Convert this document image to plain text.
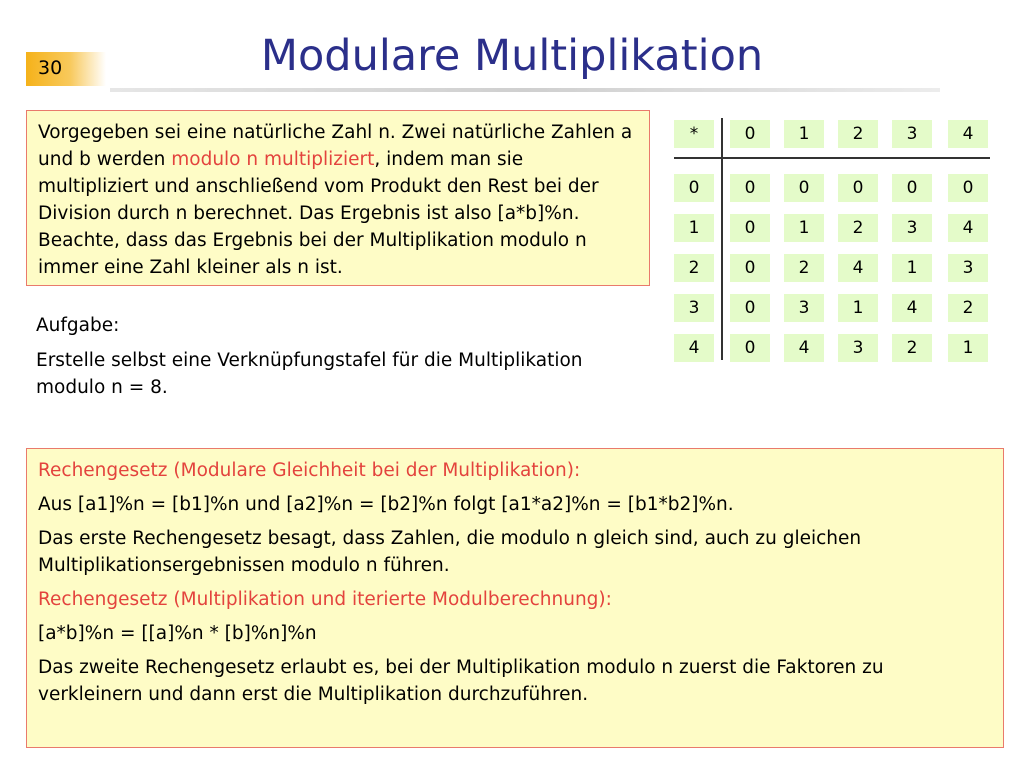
30	Modulare Multiplikation

Vorgegeben sei eine natürliche Zahl n. Zwei natürliche Zahlen a und b werden modulo n multipliziert, indem man sie multipliziert und anschließend vom Produkt den Rest bei der Division durch n berechnet. Das Ergebnis ist also [a*b]%n. Beachte, dass das Ergebnis bei der Multiplikation modulo n immer eine Zahl kleiner als n ist.

Aufgabe:

Erstelle selbst eine Verknüpfungstafel für die Multiplikation modulo n = 8.

*	0	1	2	3	4
0	0	0	0	0	0
1	0	1	2	3	4
2	0	2	4	1	3
3	0	3	1	4	2
4	0	4	3	2	1

Rechengesetz (Modulare Gleichheit bei der Multiplikation):

Aus [a1]%n = [b1]%n und [a2]%n = [b2]%n folgt [a1*a2]%n = [b1*b2]%n.

Das erste Rechengesetz besagt, dass Zahlen, die modulo n gleich sind, auch zu gleichen Multiplikationsergebnissen modulo n führen.

Rechengesetz (Multiplikation und iterierte Modulberechnung):

[a*b]%n = [[a]%n * [b]%n]%n

Das zweite Rechengesetz erlaubt es, bei der Multiplikation modulo n zuerst die Faktoren zu verkleinern und dann erst die Multiplikation durchzuführen.
